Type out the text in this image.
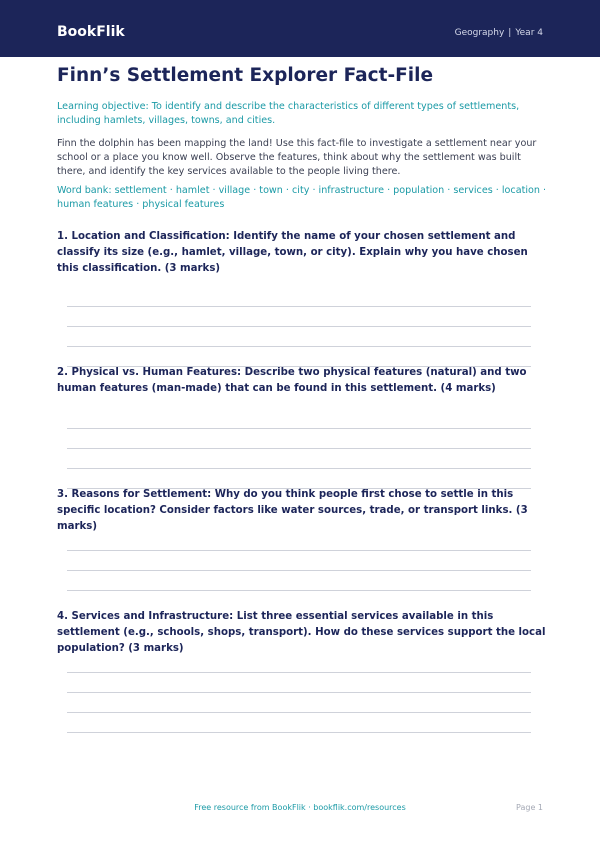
BookFlik	Geography | Year 4
Finn’s Settlement Explorer Fact-File
Learning objective: To identify and describe the characteristics of different types of settlements, including hamlets, villages, towns, and cities.
Finn the dolphin has been mapping the land! Use this fact-file to investigate a settlement near your school or a place you know well. Observe the features, think about why the settlement was built there, and identify the key services available to the people living there.
Word bank: settlement · hamlet · village · town · city · infrastructure · population · services · location · human features · physical features
1. Location and Classification: Identify the name of your chosen settlement and classify its size (e.g., hamlet, village, town, or city). Explain why you have chosen this classification. (3 marks)
2. Physical vs. Human Features: Describe two physical features (natural) and two human features (man-made) that can be found in this settlement. (4 marks)
3. Reasons for Settlement: Why do you think people first chose to settle in this specific location? Consider factors like water sources, trade, or transport links. (3 marks)
4. Services and Infrastructure: List three essential services available in this settlement (e.g., schools, shops, transport). How do these services support the local population? (3 marks)
Free resource from BookFlik · bookflik.com/resources	Page 1
